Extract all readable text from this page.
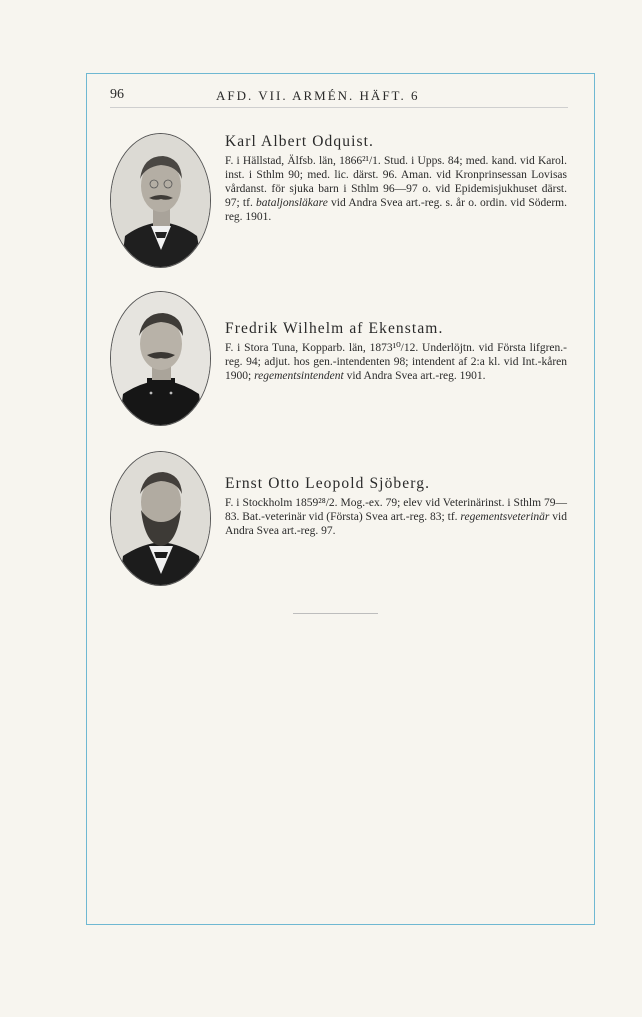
96	AFD. VII. ARMÉN. HÄFT. 6
Karl Albert Odquist.

F. i Hällstad, Älfsb. län, 1866²¹/1. Stud. i Upps. 84; med. kand. vid Karol. inst. i Sthlm 90; med. lic. därst. 96. Aman. vid Kronprinsessan Lovisas vårdanst. för sjuka barn i Sthlm 96—97 o. vid Epidemisjukhuset därst. 97; tf. bataljonsläkare vid Andra Svea art.-reg. s. år o. ordin. vid Söderm. reg. 1901.

Fredrik Wilhelm af Ekenstam.

F. i Stora Tuna, Kopparb. län, 1873¹⁰/12. Underlöjtn. vid Första lifgren.-reg. 94; adjut. hos gen.-intendenten 98; intendent af 2:a kl. vid Int.-kåren 1900; regementsintendent vid Andra Svea art.-reg. 1901.

Ernst Otto Leopold Sjöberg.

F. i Stockholm 1859²⁸/2. Mog.-ex. 79; elev vid Veterinärinst. i Sthlm 79—83. Bat.-veterinär vid (Första) Svea art.-reg. 83; tf. regementsveterinär vid Andra Svea art.-reg. 97.
